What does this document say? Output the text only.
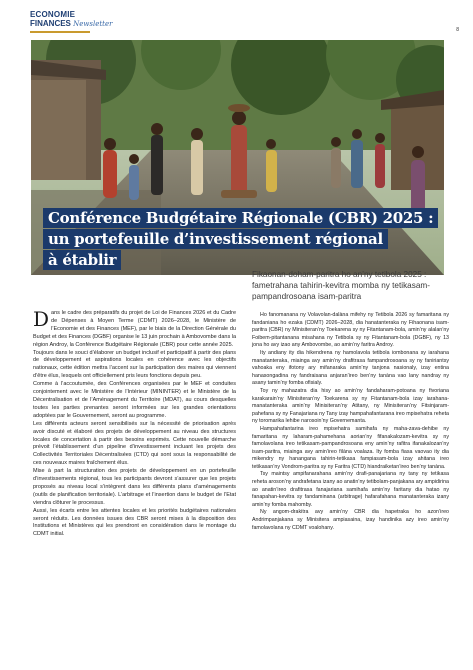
ECONOMIE
FINANCES Newsletter
8
Conférence Budgétaire Régionale (CBR) 2025 :
un portefeuille d’investissement régional
à établir

Dans le cadre des préparatifs du projet de Loi de Finances 2026 et du Cadre de Dépenses à Moyen Terme (CDMT) 2026–2028, le Ministère de l’Economie et des Finances (MEF), par le biais de la Direction Générale du Budget et des Finances (DGBF) organise le 13 juin prochain à Ambovombe dans la région Androy, la Conférence Budgétaire Régionale (CBR) pour cette année 2025.

Toujours dans le souci d’élaborer un budget inclusif et participatif à partir des plans de développement et aspirations locales en cohérence avec les objectifs nationaux, cette édition mettra l’accent sur la participation des maires qui viennent d’être élus, lesquels ont officiellement pris leurs fonctions depuis peu.

Comme à l’accoutumée, des Conférences organisées par le MEF et conduites conjointement avec le Ministère de l’Intérieur (MININTER) et le Ministère de la Décentralisation et de l’Aménagement du Territoire (MDAT), au cours desquelles toutes les parties prenantes seront informées sur les grandes orientations adoptées par le Gouvernement, seront au programme.

Les différents acteurs seront sensibilisés sur la nécessité de priorisation après avoir discuté et élaboré des projets de développement au niveau des structures locales de concertation à partir des besoins exprimés. Cette nouvelle démarche prévoit l’établissement d’un pipeline d’investissement incluant les projets des Collectivités Territoriales Décentralisées (CTD) qui sont sous la responsabilité de ces nouveaux maires fraîchement élus.

Mise à part la structuration des projets de développement en un portefeuille d’investissements régional, tous les participants devront s’assurer que les projets proposés au niveau local s’intègrent dans les différents plans d’aménagements (outils de planification territoriale). L’arbitrage et l’insertion dans le budget de l’Etat viendra clôturer le processus.

Aussi, les écarts entre les attentes locales et les priorités budgétaires nationales seront réduits. Les données issues des CBR seront mises à la disposition des Institutions et Ministères qui les prendront en considération dans le montage du CDMT initial.

Fikaonan-doham-paritra ho an’ny tetibola 2025 : fametrahana tahirin-kevitra momba ny tetikasam-pampandrosoana isam-paritra

Ho fanomanana ny Volavolan-dalàna mifehy ny Tetibola 2026 sy famaritana ny fandaniana ho ezaka (CDMT) 2026–2028, dia hanatanteraka ny Fihaonana isam-paritra (CBR) ny Minisiteran’ny Toekarena sy ny Fitantanam-bola, amin’ny alalan’ny Foibem-pitantanana misahana ny Tetibola sy ny Fitantanam-bola (DGBF), ny 13 jona ho avy izao any Ambovombe, ao amin’ny faritra Androy.

Ity andiany ity dia hikendrena ny hamolavola tetibola iombonana sy iarahana manatanteraka, miainga avy amin’ny drafitrasa fampandrosoana sy ny faniriantsy vahoaka eny ifotony ary mifanaraka amin’ny tanjona nasionaly, izay entina hanasongadina ny fandraisana anjaran’ireo ben’ny tanàna vao lany nandray ny asany tamin’ny fomba ofisialy.

Toy ny mahazatra dia hisy ao amin’ny fandaharam-potoana ny fivoriana karakarain’ny Minisiteran’ny Toekarena sy ny Fitantanam-bola izay iarahana-manatanteraka amin’ny Minisiteran’ny Atitany, ny Minisiteran’ny Fitsinjaram-pahefana sy ny Fanajariana ny Tany izay hampahafantarana ireo mpisehatra reheta ny toromarika lehibe narosoin’ny Governemanta.

Hampahafantarina ireo mpisehatra samihafa ny maha-zava-dehibe ny famaritana ny laharam-pahamehana aorian’ny fifanakalozam-kevitra sy ny famolavolana ireo tetikasam-pampandrosoana eny amin’ny rafitra ifanakalozan’ny isam-paritra, miainga avy amin’ireo filàna voalaza. Ity fomba fiasa vaovao ity dia mikendry ny hanangana tahirin-tetikasa fampiasam-bola izay ahitana ireo tetikasan’ny Vondrom-paritra sy ny Faritra (CTD) hiandraiketan’ireo ben’ny tanàna.

Tsy maintsy ampifanarahana amin’ny drafi-panajariana ny tany ny tetikasa reheta aroson’ny andrafetana izany ao anatin’ny tetibolam-panjakana ary ampidirina ao anatin’ireo drafitrasa fanajariana samihafa amin’ny faritany dia hatao ny fanapahan-kevitra sy fandaminana (arbitrage) hafarafahana manatanteraka izany amin’ny fomba mahomby.

Ny angom-drakitra avy amin’ny CBR dia hapetraka ho azon’ireo Andrimpanjakana sy Minisitera ampiasaina, izay handinika azy ireo amin’ny famolavolana ny CDMT voalohany.
